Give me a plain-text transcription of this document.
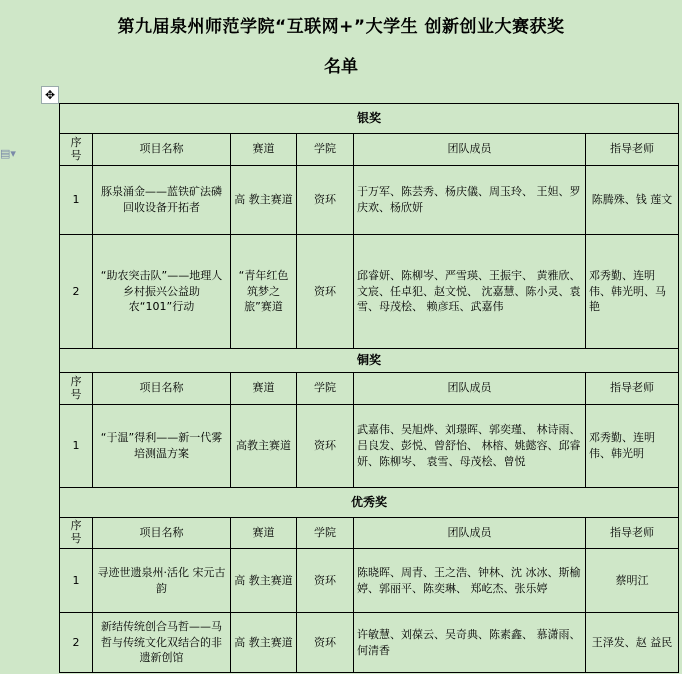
第九届泉州师范学院“互联网+”大学生 创新创业大赛获奖
名单
✥
▤▾
银奖					
序
号	项目名称	赛道	学院	团队成员	指导老师
1	豚泉涌金——蓝铁矿法磷回收设备开拓者	高 教主赛道	资环	于万军、陈芸秀、杨庆儀、周玉玲、 王妲、罗庆欢、杨欣妍	陈腾殊、钱 莲文
2	“助农突击队”——地理人乡村振兴公益助农“101”行动	“青年红色筑梦之旅”赛道	资环	邱睿妍、陈柳岑、严雪瑛、王振宇、 黄雅欣、文宸、任卓犯、赵文悦、 沈嘉慧、陈小灵、袁雪、母茂桧、 赖彦珏、武嘉伟	邓秀勤、连明伟、韩光明、马艳
铜奖					
序
号	项目名称	赛道	学院	团队成员	指导老师
1	“于温”得利——新一代雾培测温方案	高教主赛道	资环	武嘉伟、吴旭烨、刘璟晖、郭奕瑾、 林诗雨、吕良发、彭悦、曾舒怡、 林榕、姚懿容、邱睿妍、陈柳岑、 袁雪、母茂桧、曾悦	邓秀勤、连明伟、韩光明
优秀奖					
序
号	项目名称	赛道	学院	团队成员	指导老师
1	寻迹世遗泉州·活化 宋元古韵	高 教主赛道	资环	陈晓晖、周青、王之浩、钟林、沈 冰冰、斯榆婷、郭丽平、陈奕琳、 郑屹杰、张乐婷	蔡明江
2	新结传统创合马哲——马哲与传统文化双结合的非遗新创馆	高 教主赛道	资环	许敏慧、刘葆云、吴奇典、陈素鑫、 慕潇雨、何清香	王泽发、赵 益民
